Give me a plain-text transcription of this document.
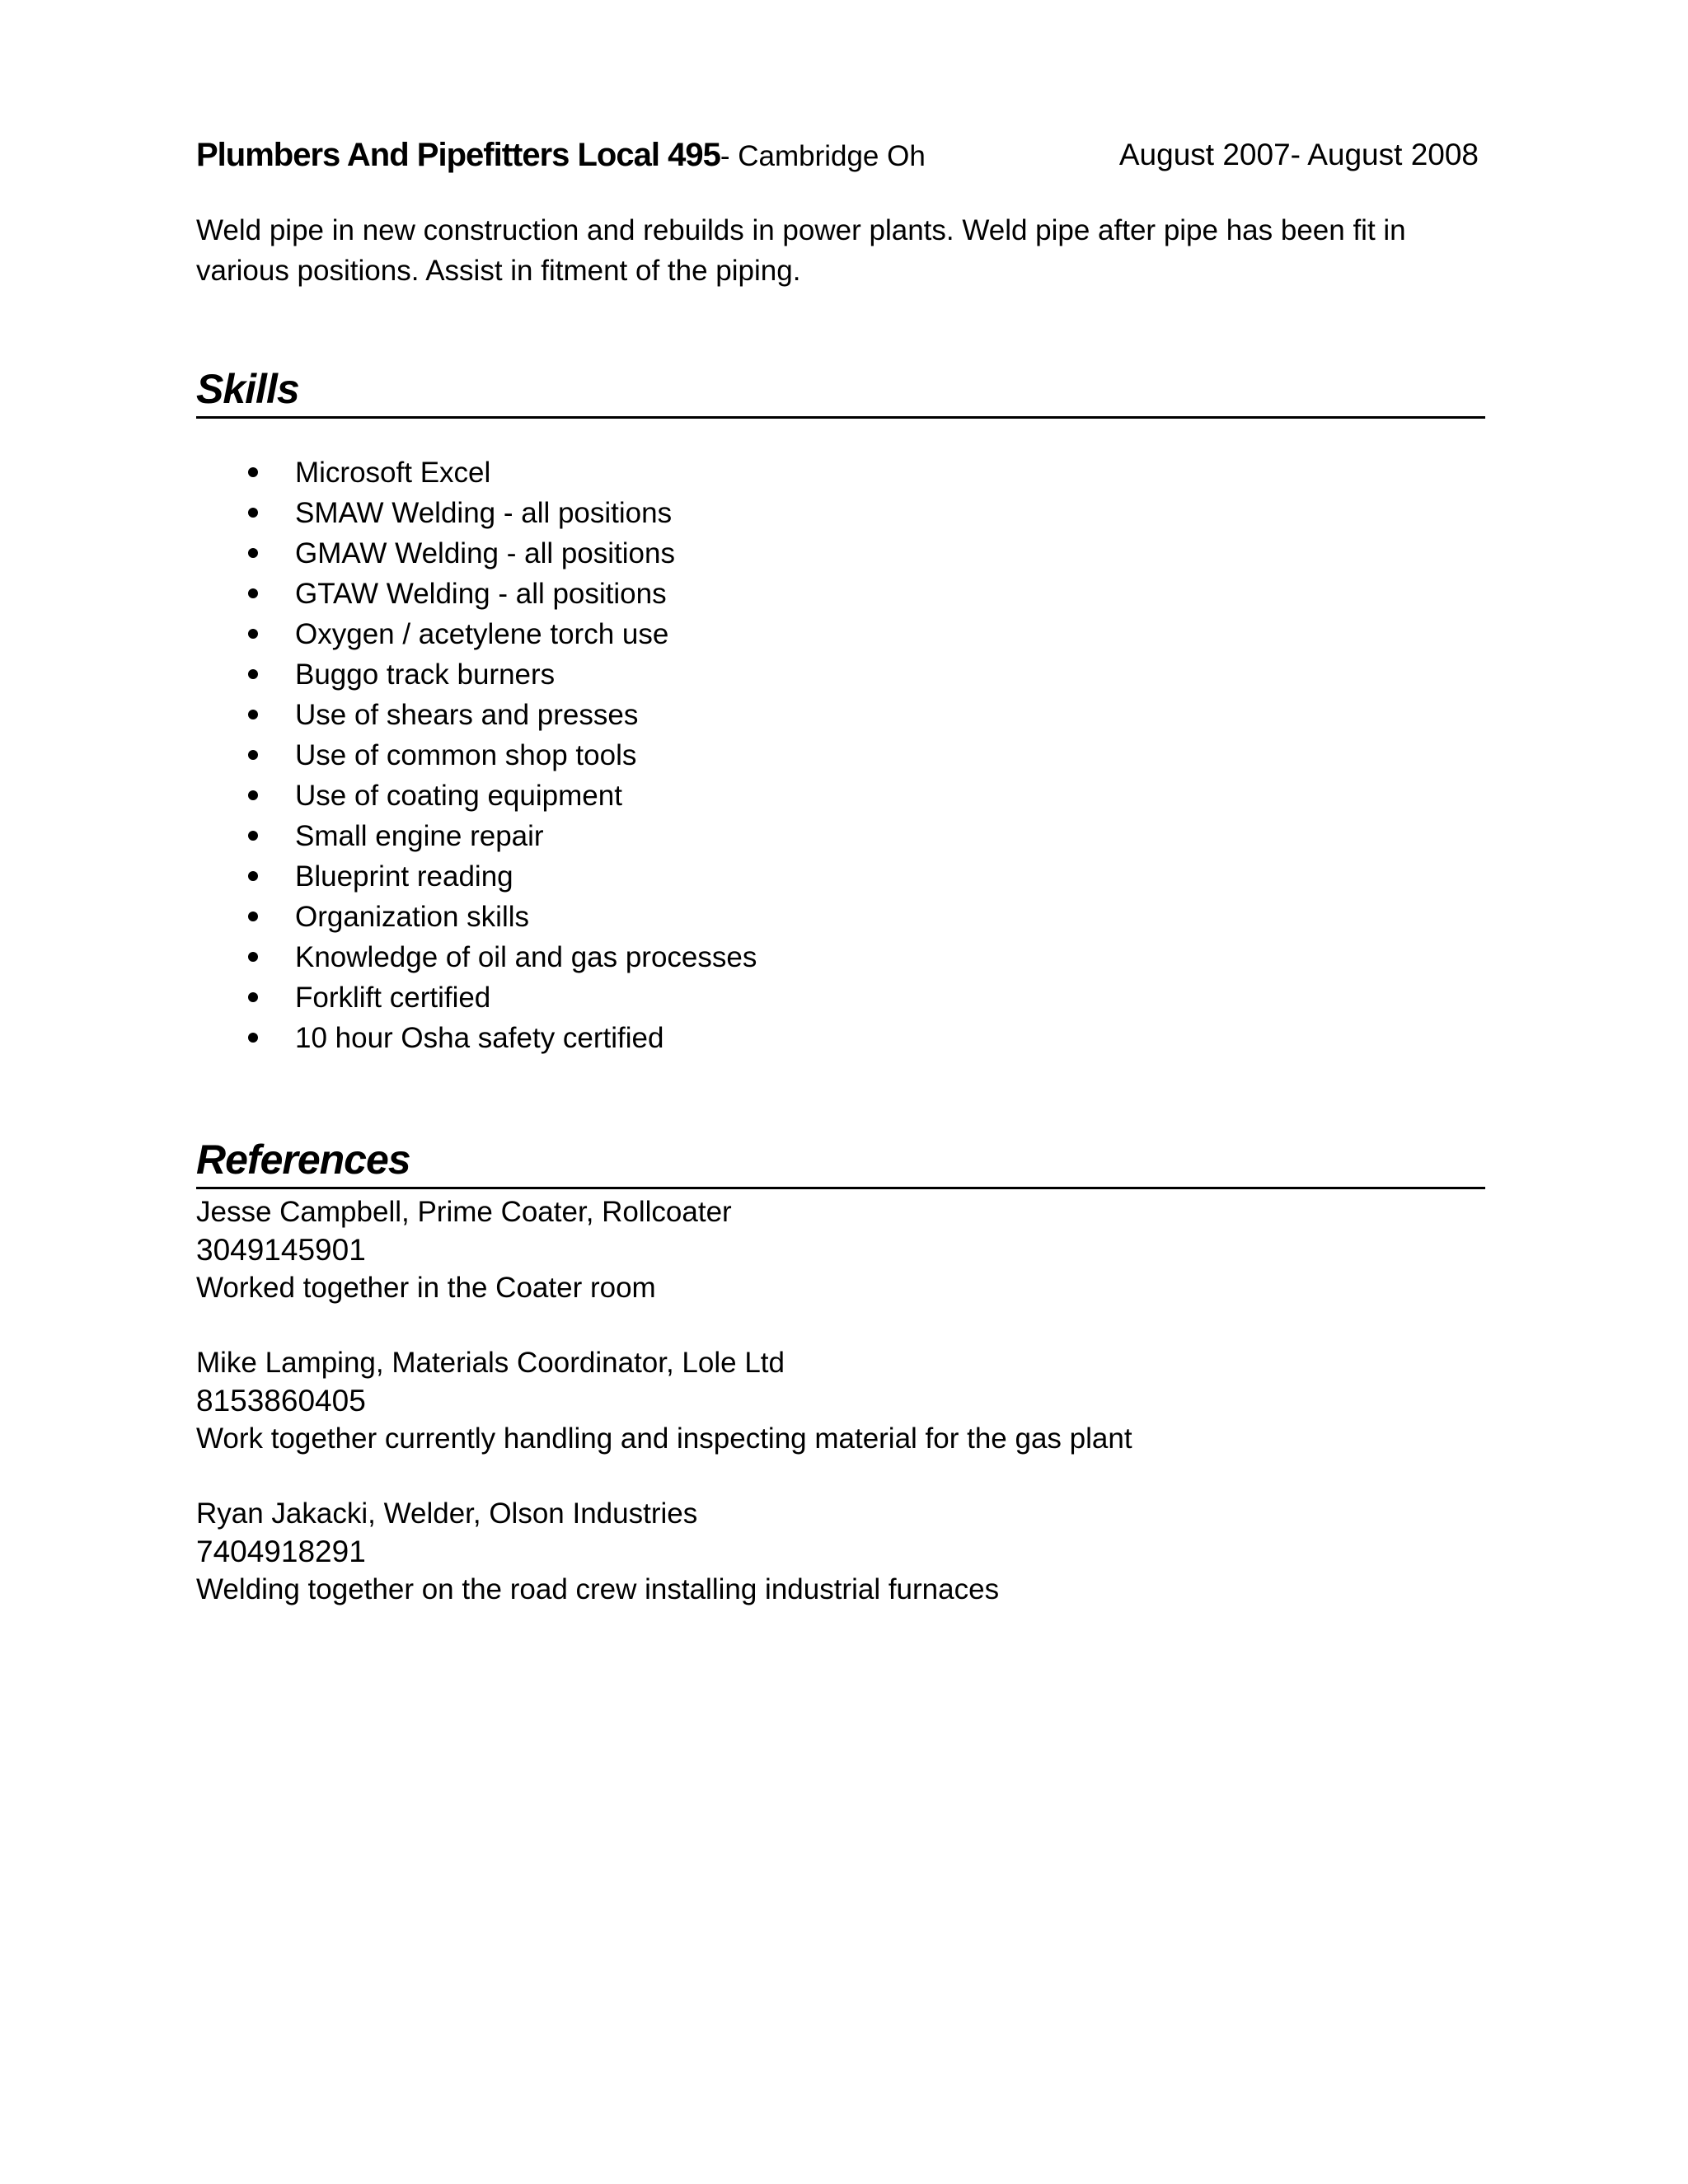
Plumbers And Pipefitters Local 495- Cambridge Oh	August 2007- August 2008

Weld pipe in new construction and rebuilds in power plants. Weld pipe after pipe has been fit in various positions. Assist in fitment of the piping.

Skills
Microsoft Excel
SMAW Welding - all positions
GMAW Welding - all positions
GTAW Welding - all positions
Oxygen / acetylene torch use
Buggo track burners
Use of shears and presses
Use of common shop tools
Use of coating equipment
Small engine repair
Blueprint reading
Organization skills
Knowledge of oil and gas processes
Forklift certified
10 hour Osha safety certified
References
Jesse Campbell, Prime Coater, Rollcoater
3049145901
Worked together in the Coater room
Mike Lamping, Materials Coordinator, Lole Ltd
8153860405
Work together currently handling and inspecting material for the gas plant
Ryan Jakacki, Welder, Olson Industries
7404918291
Welding together on the road crew installing industrial furnaces
